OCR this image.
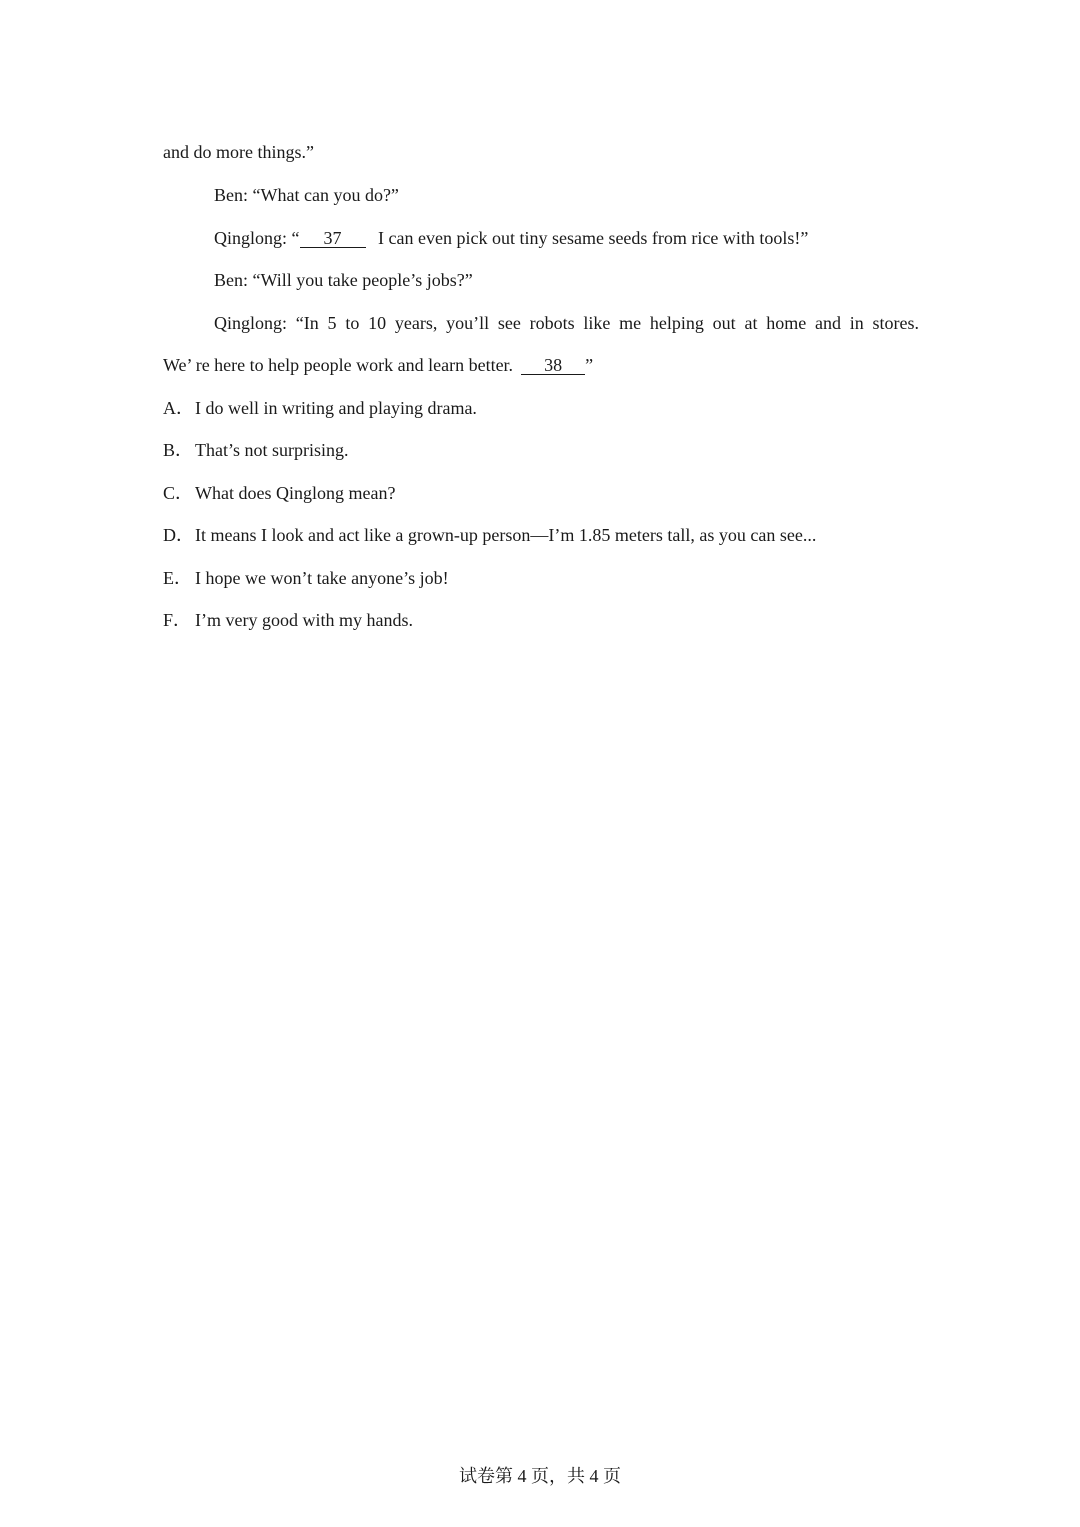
and do more things.”
Ben: “What can you do?”
Qinglong: “ 37 I can even pick out tiny sesame seeds from rice with tools!”
Ben: “Will you take people’s jobs?”
Qinglong: “In 5 to 10 years, you’ll see robots like me helping out at home and in stores.
We’ re here to help people work and learn better. 38 ”
A．I do well in writing and playing drama.
B． That’s not surprising.
C． What does Qinglong mean?
D．It means I look and act like a grown-up person—I’m 1.85 meters tall, as you can see...
E． I hope we won’t take anyone’s job!
F． I’m very good with my hands.
试卷第 4 页，共 4 页
